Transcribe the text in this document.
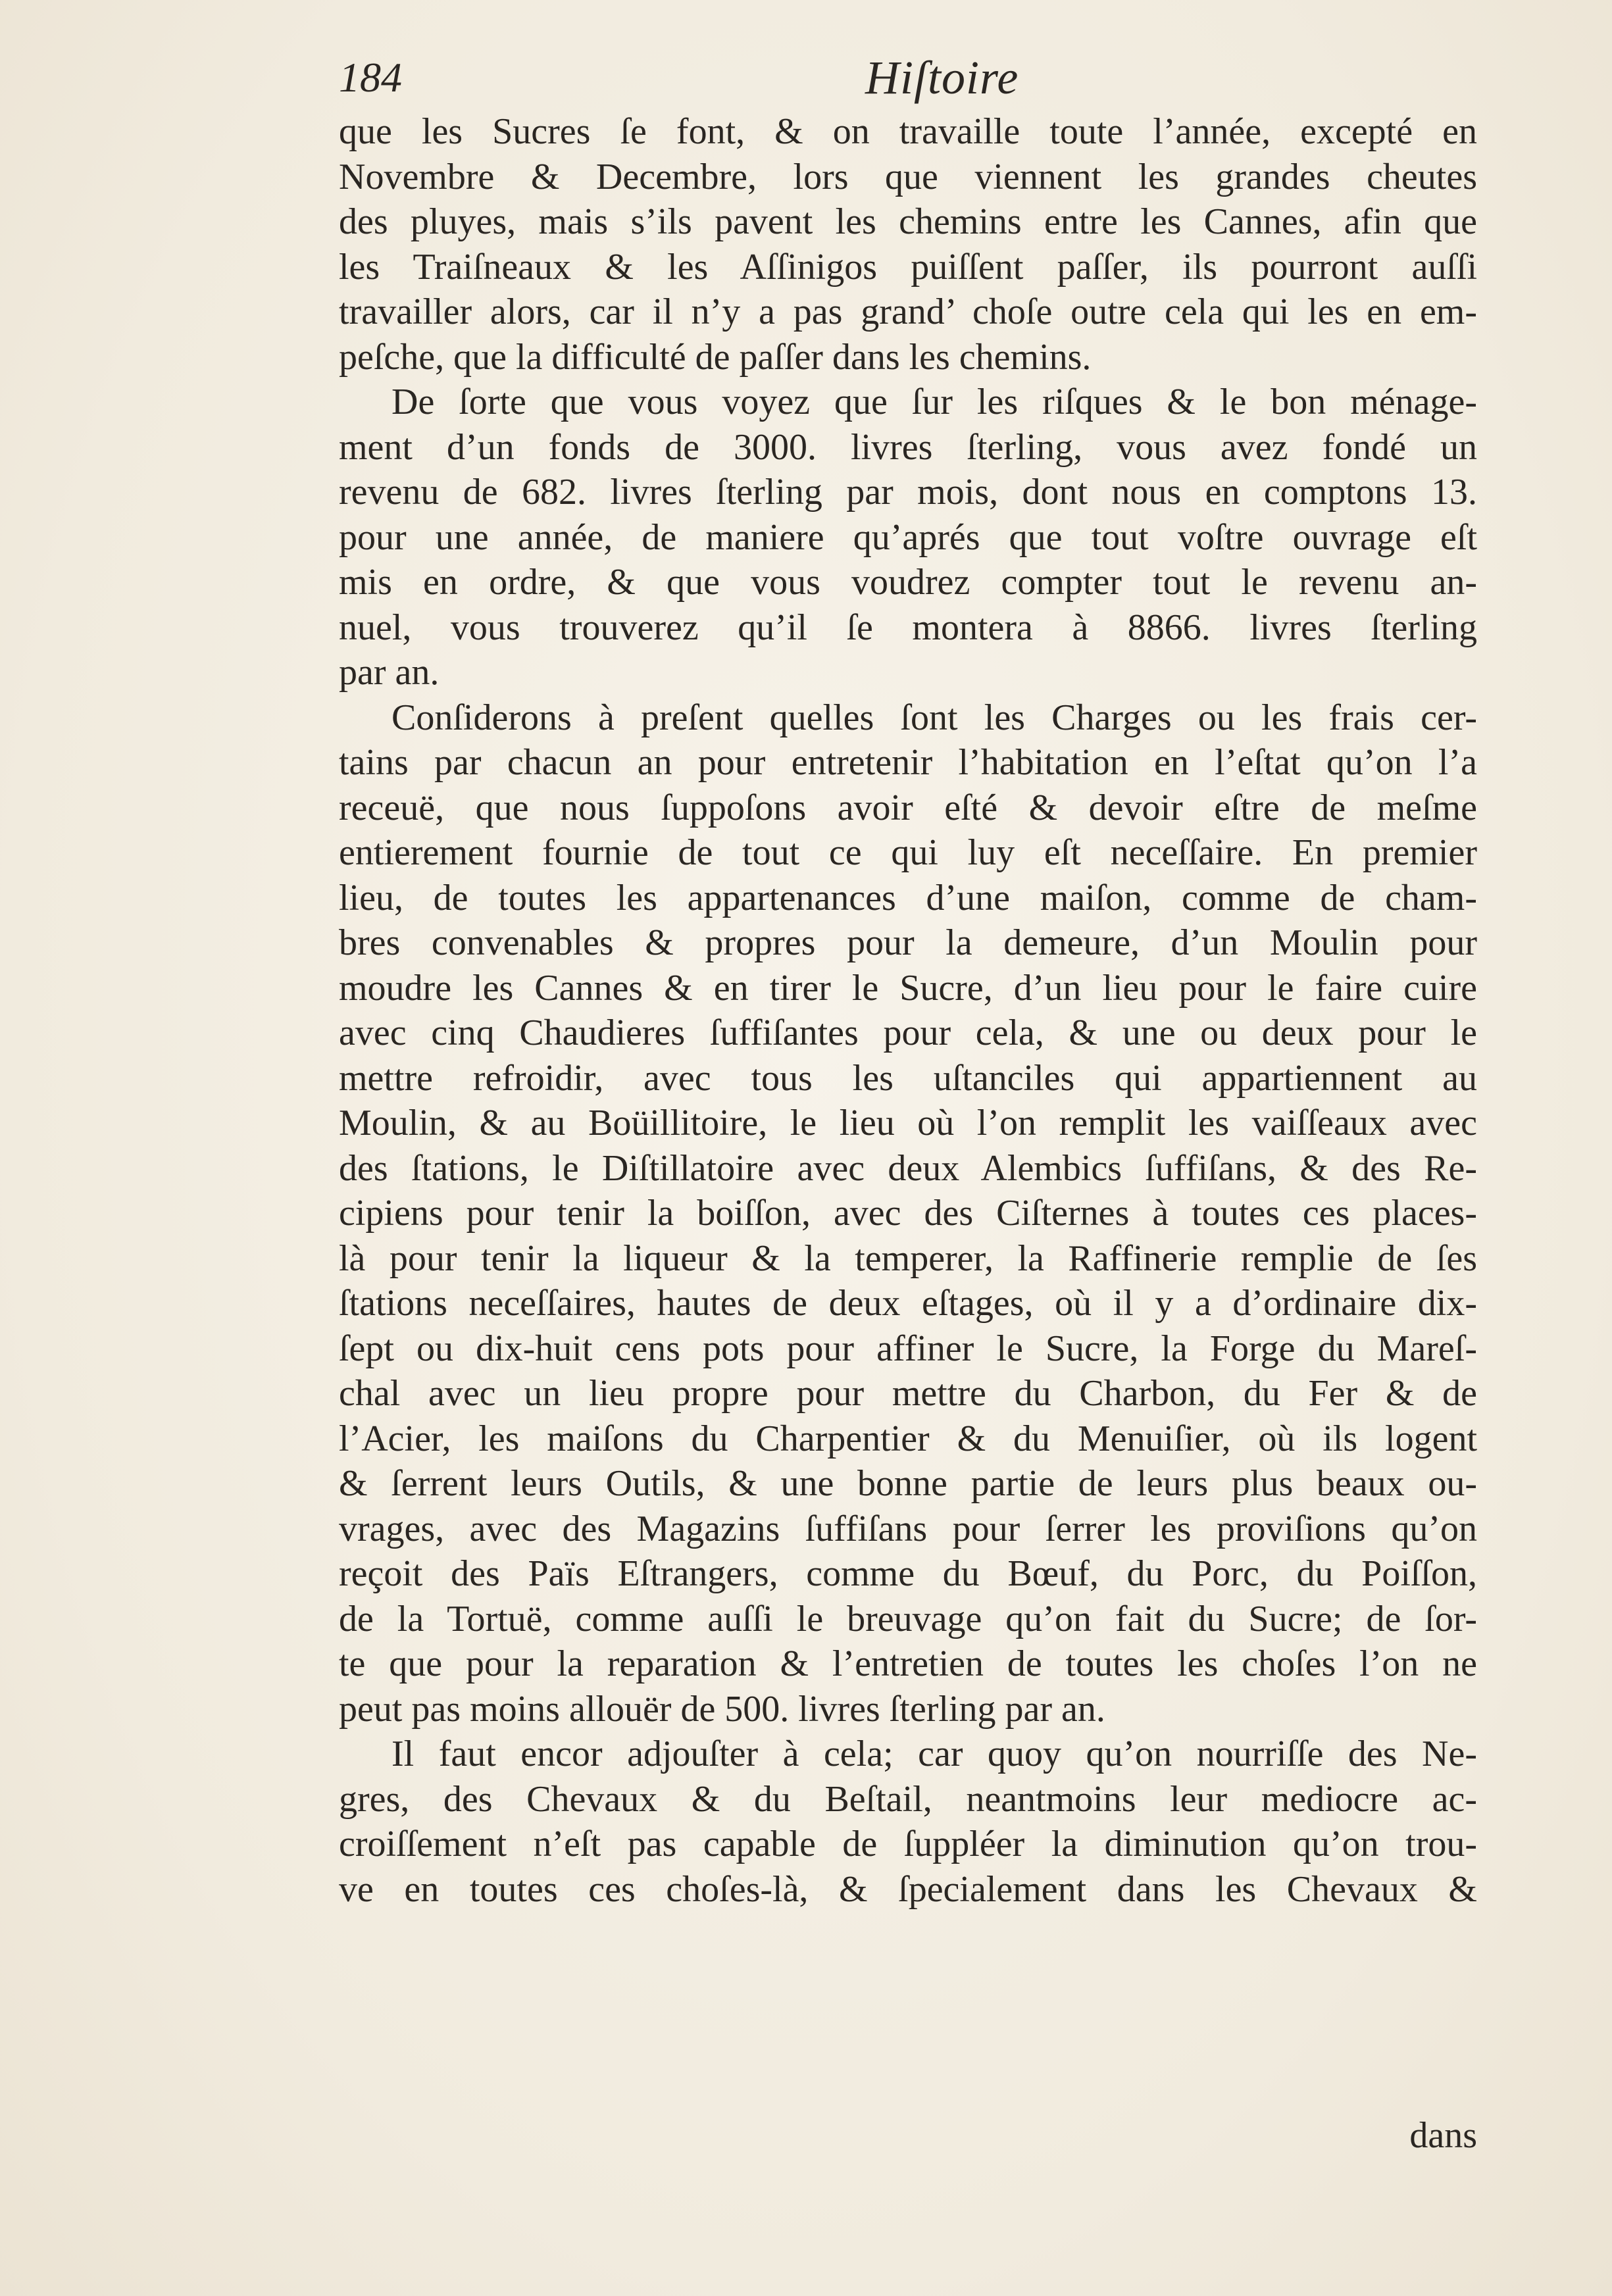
184	Hiſtoire
que les Sucres ſe font, & on travaille toute l’année, excepté en
Novembre & Decembre, lors que viennent les grandes cheutes
des pluyes, mais s’ils pavent les chemins entre les Cannes, afin que
les Traiſneaux & les Aſſinigos puiſſent paſſer, ils pourront auſſi
travailler alors, car il n’y a pas grand’ choſe outre cela qui les en em-
peſche, que la difficulté de paſſer dans les chemins.
De ſorte que vous voyez que ſur les riſques & le bon ménage-
ment d’un fonds de 3000. livres ſterling, vous avez fondé un
revenu de 682. livres ſterling par mois, dont nous en comptons 13.
pour une année, de maniere qu’aprés que tout voſtre ouvrage eſt
mis en ordre, & que vous voudrez compter tout le revenu an-
nuel, vous trouverez qu’il ſe montera à 8866. livres ſterling
par an.
Conſiderons à preſent quelles ſont les Charges ou les frais cer-
tains par chacun an pour entretenir l’habitation en l’eſtat qu’on l’a
receuë, que nous ſuppoſons avoir eſté & devoir eſtre de meſme
entierement fournie de tout ce qui luy eſt neceſſaire. En premier
lieu, de toutes les appartenances d’une maiſon, comme de cham-
bres convenables & propres pour la demeure, d’un Moulin pour
moudre les Cannes & en tirer le Sucre, d’un lieu pour le faire cuire
avec cinq Chaudieres ſuffiſantes pour cela, & une ou deux pour le
mettre refroidir, avec tous les uſtanciles qui appartiennent au
Moulin, & au Boüillitoire, le lieu où l’on remplit les vaiſſeaux avec
des ſtations, le Diſtillatoire avec deux Alembics ſuffiſans, & des Re-
cipiens pour tenir la boiſſon, avec des Ciſternes à toutes ces places-
là pour tenir la liqueur & la temperer, la Raffinerie remplie de ſes
ſtations neceſſaires, hautes de deux eſtages, où il y a d’ordinaire dix-
ſept ou dix-huit cens pots pour affiner le Sucre, la Forge du Mareſ-
chal avec un lieu propre pour mettre du Charbon, du Fer & de
l’Acier, les maiſons du Charpentier & du Menuiſier, où ils logent
& ſerrent leurs Outils, & une bonne partie de leurs plus beaux ou-
vrages, avec des Magazins ſuffiſans pour ſerrer les proviſions qu’on
reçoit des Païs Eſtrangers, comme du Bœuf, du Porc, du Poiſſon,
de la Tortuë, comme auſſi le breuvage qu’on fait du Sucre; de ſor-
te que pour la reparation & l’entretien de toutes les choſes l’on ne
peut pas moins allouër de 500. livres ſterling par an.
Il faut encor adjouſter à cela; car quoy qu’on nourriſſe des Ne-
gres, des Chevaux & du Beſtail, neantmoins leur mediocre ac-
croiſſement n’eſt pas capable de ſuppléer la diminution qu’on trou-
ve en toutes ces choſes-là, & ſpecialement dans les Chevaux &
dans
